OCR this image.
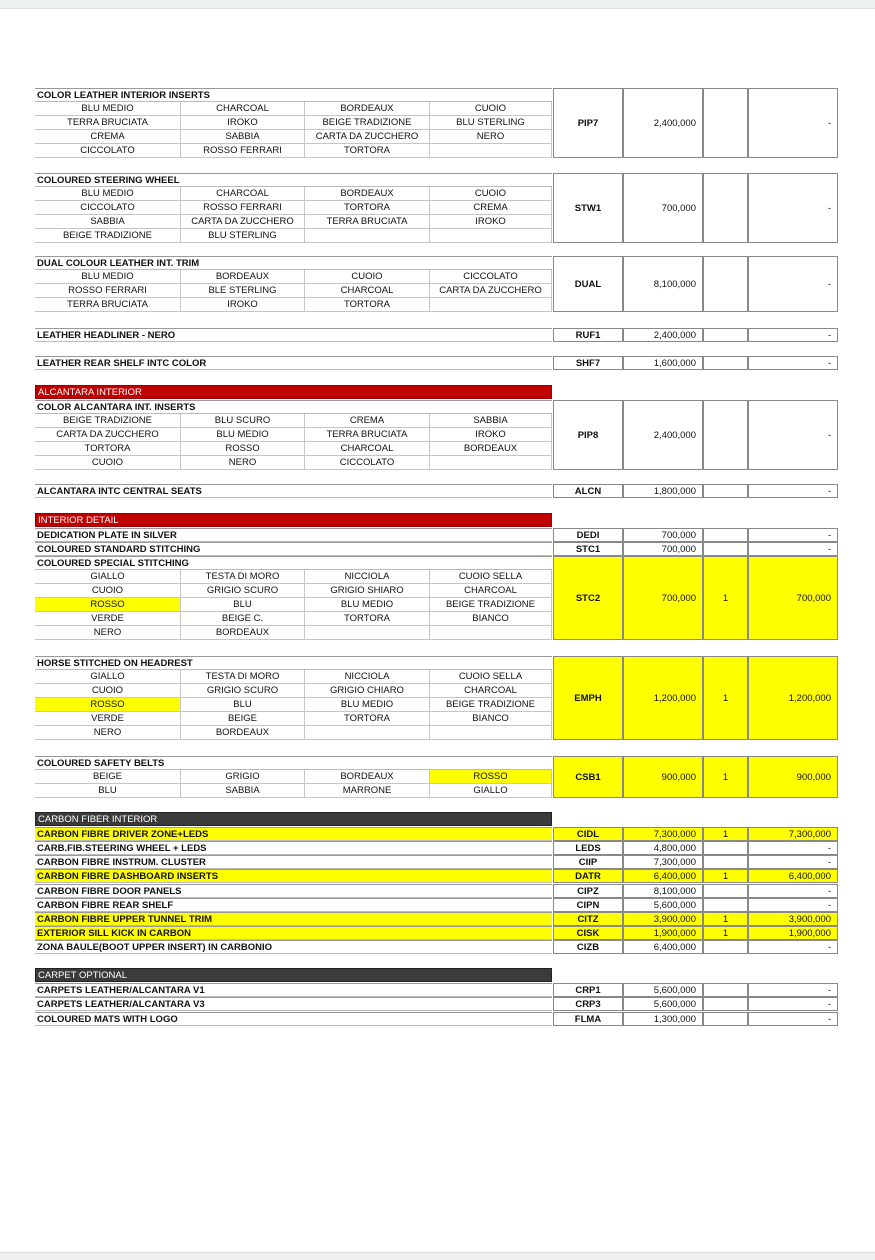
COLOR LEATHER INTERIOR INSERTS
BLU MEDIO	CHARCOAL	BORDEAUX	CUOIO
TERRA BRUCIATA	IROKO	BEIGE TRADIZIONE	BLU STERLING
CREMA	SABBIA	CARTA DA ZUCCHERO	NERO
CICCOLATO	ROSSO FERRARI	TORTORA
PIP7	2,400,000	-
COLOURED STEERING WHEEL
BLU MEDIO	CHARCOAL	BORDEAUX	CUOIO
CICCOLATO	ROSSO FERRARI	TORTORA	CREMA
SABBIA	CARTA DA ZUCCHERO	TERRA BRUCIATA	IROKO
BEIGE TRADIZIONE	BLU STERLING
STW1	700,000	-
DUAL COLOUR LEATHER INT. TRIM
BLU MEDIO	BORDEAUX	CUOIO	CICCOLATO
ROSSO FERRARI	BLE STERLING	CHARCOAL	CARTA DA ZUCCHERO
TERRA BRUCIATA	IROKO	TORTORA
DUAL	8,100,000	-
LEATHER HEADLINER - NERO	RUF1	2,400,000	-
LEATHER REAR SHELF INTC COLOR	SHF7	1,600,000	-
ALCANTARA INTERIOR
COLOR ALCANTARA INT. INSERTS
BEIGE TRADIZIONE	BLU SCURO	CREMA	SABBIA
CARTA DA ZUCCHERO	BLU MEDIO	TERRA BRUCIATA	IROKO
TORTORA	ROSSO	CHARCOAL	BORDEAUX
CUOIO	NERO	CICCOLATO
PIP8	2,400,000	-
ALCANTARA INTC CENTRAL SEATS	ALCN	1,800,000	-
INTERIOR DETAIL
DEDICATION PLATE IN SILVER	DEDI	700,000	-
COLOURED STANDARD STITCHING	STC1	700,000	-
COLOURED SPECIAL STITCHING
GIALLO	TESTA DI MORO	NICCIOLA	CUOIO SELLA
CUOIO	GRIGIO SCURO	GRIGIO SHIARO	CHARCOAL
ROSSO	BLU	BLU MEDIO	BEIGE TRADIZIONE
VERDE	BEIGE C.	TORTORA	BIANCO
NERO	BORDEAUX
STC2	700,000	1	700,000
HORSE STITCHED ON HEADREST
GIALLO	TESTA DI MORO	NICCIOLA	CUOIO SELLA
CUOIO	GRIGIO SCURO	GRIGIO CHIARO	CHARCOAL
ROSSO	BLU	BLU MEDIO	BEIGE TRADIZIONE
VERDE	BEIGE	TORTORA	BIANCO
NERO	BORDEAUX
EMPH	1,200,000	1	1,200,000
COLOURED SAFETY BELTS
BEIGE	GRIGIO	BORDEAUX	ROSSO
BLU	SABBIA	MARRONE	GIALLO
CSB1	900,000	1	900,000
CARBON FIBER INTERIOR
CARBON FIBRE DRIVER ZONE+LEDS	CIDL	7,300,000	1	7,300,000
CARB.FIB.STEERING WHEEL + LEDS	LEDS	4,800,000	-
CARBON FIBRE INSTRUM. CLUSTER	CIIP	7,300,000	-
CARBON FIBRE DASHBOARD INSERTS	DATR	6,400,000	1	6,400,000
CARBON FIBRE DOOR PANELS	CIPZ	8,100,000	-
CARBON FIBRE REAR SHELF	CIPN	5,600,000	-
CARBON FIBRE UPPER TUNNEL TRIM	CITZ	3,900,000	1	3,900,000
EXTERIOR SILL KICK IN CARBON	CISK	1,900,000	1	1,900,000
ZONA BAULE(BOOT UPPER INSERT) IN CARBONIO	CIZB	6,400,000	-
CARPET OPTIONAL
CARPETS LEATHER/ALCANTARA V1	CRP1	5,600,000	-
CARPETS LEATHER/ALCANTARA V3	CRP3	5,600,000	-
COLOURED MATS WITH LOGO	FLMA	1,300,000	-
